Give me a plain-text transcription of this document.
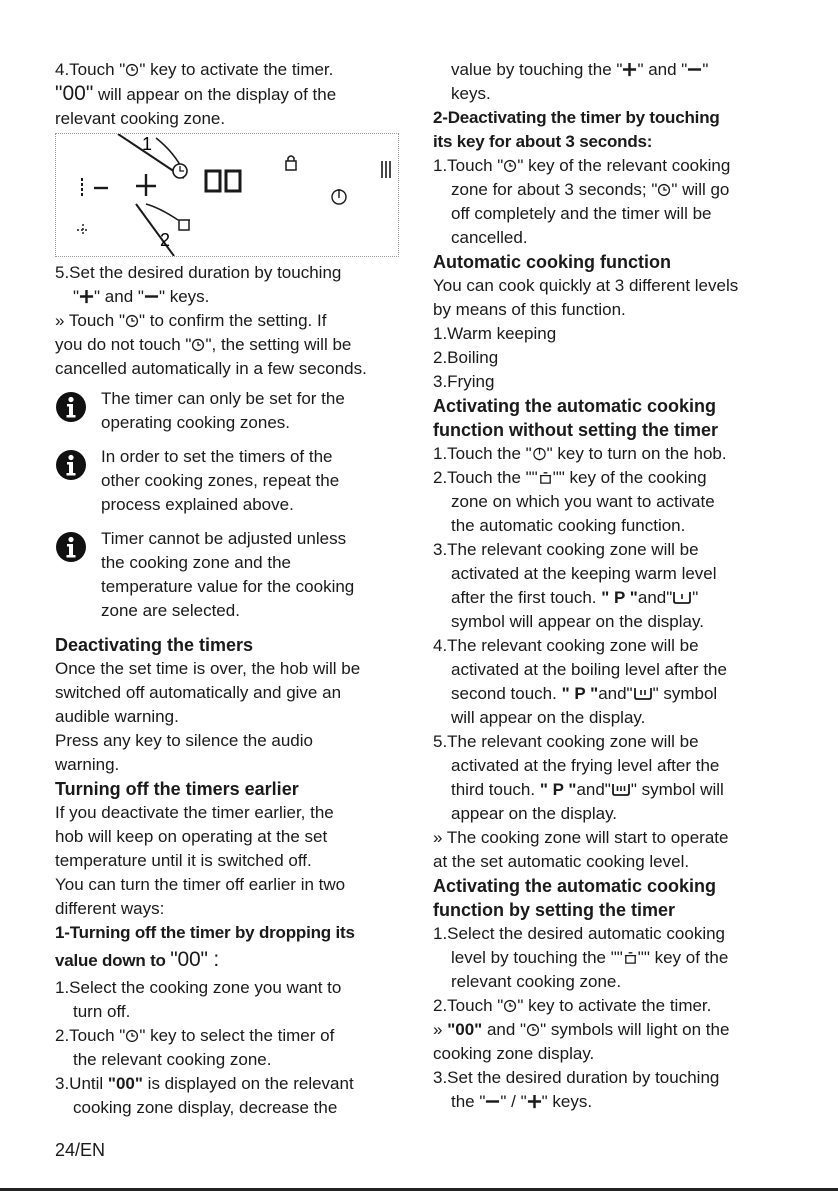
4.Touch " " key to activate the timer.

"00" will appear on the display of the

relevant cooking zone.

1
2

5.Set the desired duration by touching

" " and " " keys.

» Touch " " to confirm the setting. If

you do not touch " ", the setting will be

cancelled automatically in a few seconds.

The timer can only be set for the

operating cooking zones.

In order to set the timers of the

other cooking zones, repeat the

process explained above.

Timer cannot be adjusted unless

the cooking zone and the

temperature value for the cooking

zone are selected.

Deactivating the timers

Once the set time is over, the hob will be

switched off automatically and give an

audible warning.

Press any key to silence the audio

warning.

Turning off the timers earlier

If you deactivate the timer earlier, the

hob will keep on operating at the set

temperature until it is switched off.

You can turn the timer off earlier in two

different ways:

1-Turning off the timer by dropping its

value down to "00" :

1.Select the cooking zone you want to
turn off.

2.Touch " " key to select the timer of

the relevant cooking zone.

3.Until "00" is displayed on the relevant

cooking zone display, decrease the

value by touching the " " and " "

keys.

2-Deactivating the timer by touching

its key for about 3 seconds:

1.Touch " " key of the relevant cooking

zone for about 3 seconds; " " will go

off completely and the timer will be

cancelled.

Automatic cooking function

You can cook quickly at 3 different levels

by means of this function.

1.Warm keeping

2.Boiling

3.Frying

Activating the automatic cooking

function without setting the timer

1.Touch the " " key to turn on the hob.

2.Touch the "" "" key of the cooking

zone on which you want to activate

the automatic cooking function.

3.The relevant cooking zone will be

activated at the keeping warm level

after the first touch. " P "and" "

symbol will appear on the display.

4.The relevant cooking zone will be

activated at the boiling level after the

second touch. " P "and" " symbol

will appear on the display.

5.The relevant cooking zone will be

activated at the frying level after the

third touch. " P "and" " symbol will

appear on the display.

» The cooking zone will start to operate

at the set automatic cooking level.

Activating the automatic cooking

function by setting the timer

1.Select the desired automatic cooking

level by touching the "" "" key of the

relevant cooking zone.

2.Touch " " key to activate the timer.

» "00" and " " symbols will light on the

cooking zone display.

3.Set the desired duration by touching

the " " / " " keys.

24/EN
